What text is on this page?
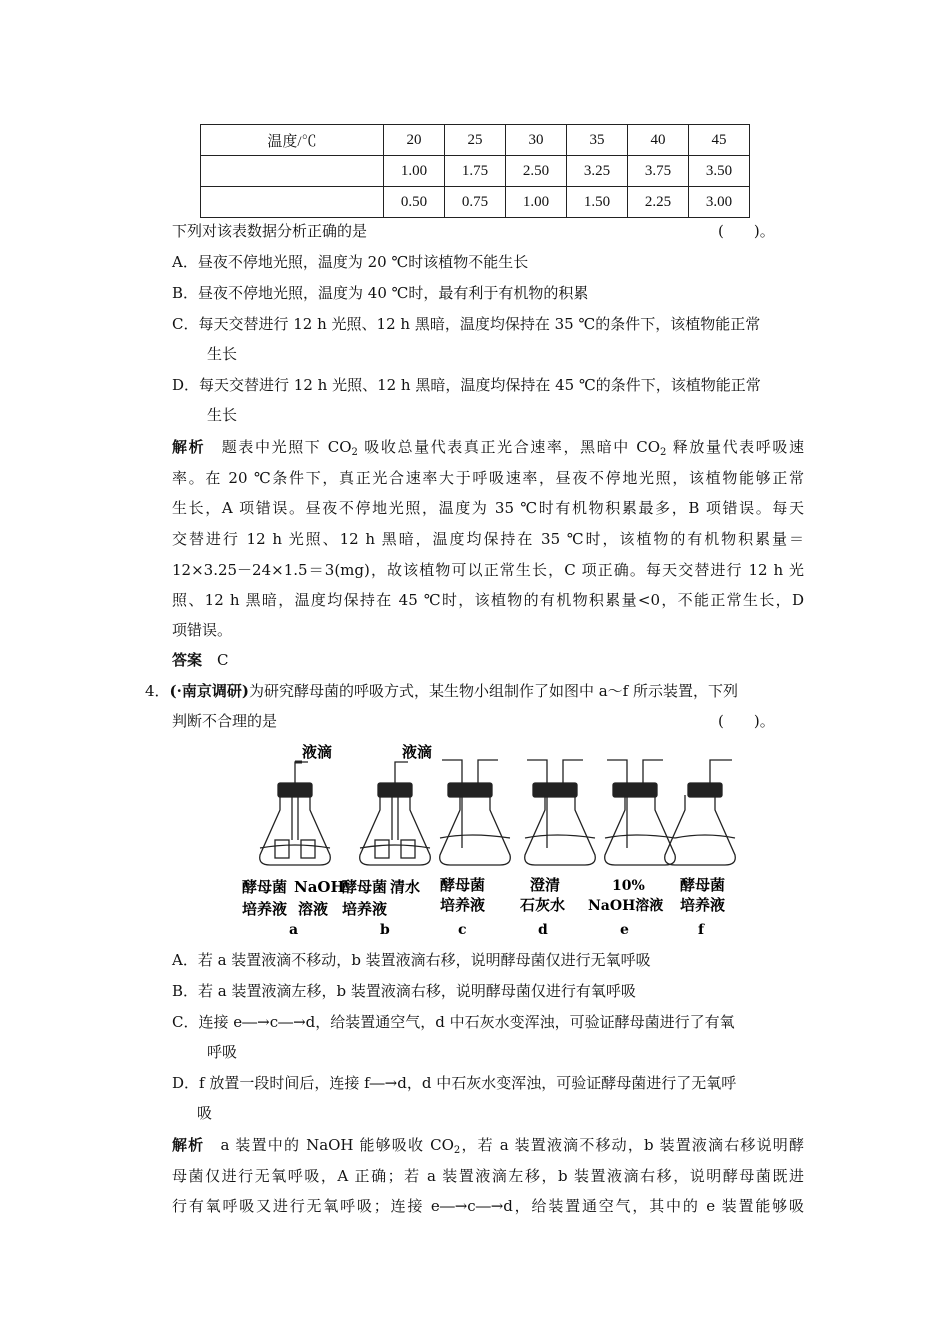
温度/℃	20	25	30	35	40	45
	1.00	1.75	2.50	3.25	3.75	3.50
	0.50	0.75	1.00	1.50	2.25	3.00
下列对该表数据分析正确的是	(　　)。
A．昼夜不停地光照，温度为 20 ℃时该植物不能生长
B．昼夜不停地光照，温度为 40 ℃时，最有利于有机物的积累
C．每天交替进行 12 h 光照、12 h 黑暗，温度均保持在 35 ℃的条件下，该植物能正常
生长
D．每天交替进行 12 h 光照、12 h 黑暗，温度均保持在 45 ℃的条件下，该植物能正常
生长
解析　题表中光照下 $CO_2$ 吸收总量代表真正光合速率，黑暗中 $CO_2$ 释放量代表呼吸速
率。在 20 ℃条件下，真正光合速率大于呼吸速率，昼夜不停地光照，该植物能够正常
生长，A 项错误。昼夜不停地光照，温度为 35 ℃时有机物积累最多，B 项错误。每天
交替进行 12 h 光照、12 h 黑暗，温度均保持在 35 ℃时，该植物的有机物积累量＝
12×3.25－24×1.5＝3(mg)，故该植物可以正常生长，C 项正确。每天交替进行 12 h 光
照、12 h 黑暗，温度均保持在 45 ℃时，该植物的有机物积累量<0，不能正常生长，D
项错误。
答案　C
4．(·南京调研)为研究酵母菌的呼吸方式，某生物小组制作了如图中 a～f 所示装置，下列
判断不合理的是	(　　)。
液滴	液滴
酵母菌
培养液
NaOH
溶液
a
酵母菌
培养液
清水
b
酵母菌
培养液
c
澄清
石灰水
d
10%
NaOH溶液
e
酵母菌
培养液
f
A．若 a 装置液滴不移动，b 装置液滴右移，说明酵母菌仅进行无氧呼吸
B．若 a 装置液滴左移，b 装置液滴右移，说明酵母菌仅进行有氧呼吸
C．连接 e―→c―→d，给装置通空气，d 中石灰水变浑浊，可验证酵母菌进行了有氧
呼吸
D．f 放置一段时间后，连接 f―→d，d 中石灰水变浑浊，可验证酵母菌进行了无氧呼
吸
解析　a 装置中的 NaOH 能够吸收 $CO_2$，若 a 装置液滴不移动，b 装置液滴右移说明酵
母菌仅进行无氧呼吸，A 正确；若 a 装置液滴左移，b 装置液滴右移，说明酵母菌既进
行有氧呼吸又进行无氧呼吸；连接 e―→c―→d，给装置通空气，其中的 e 装置能够吸
